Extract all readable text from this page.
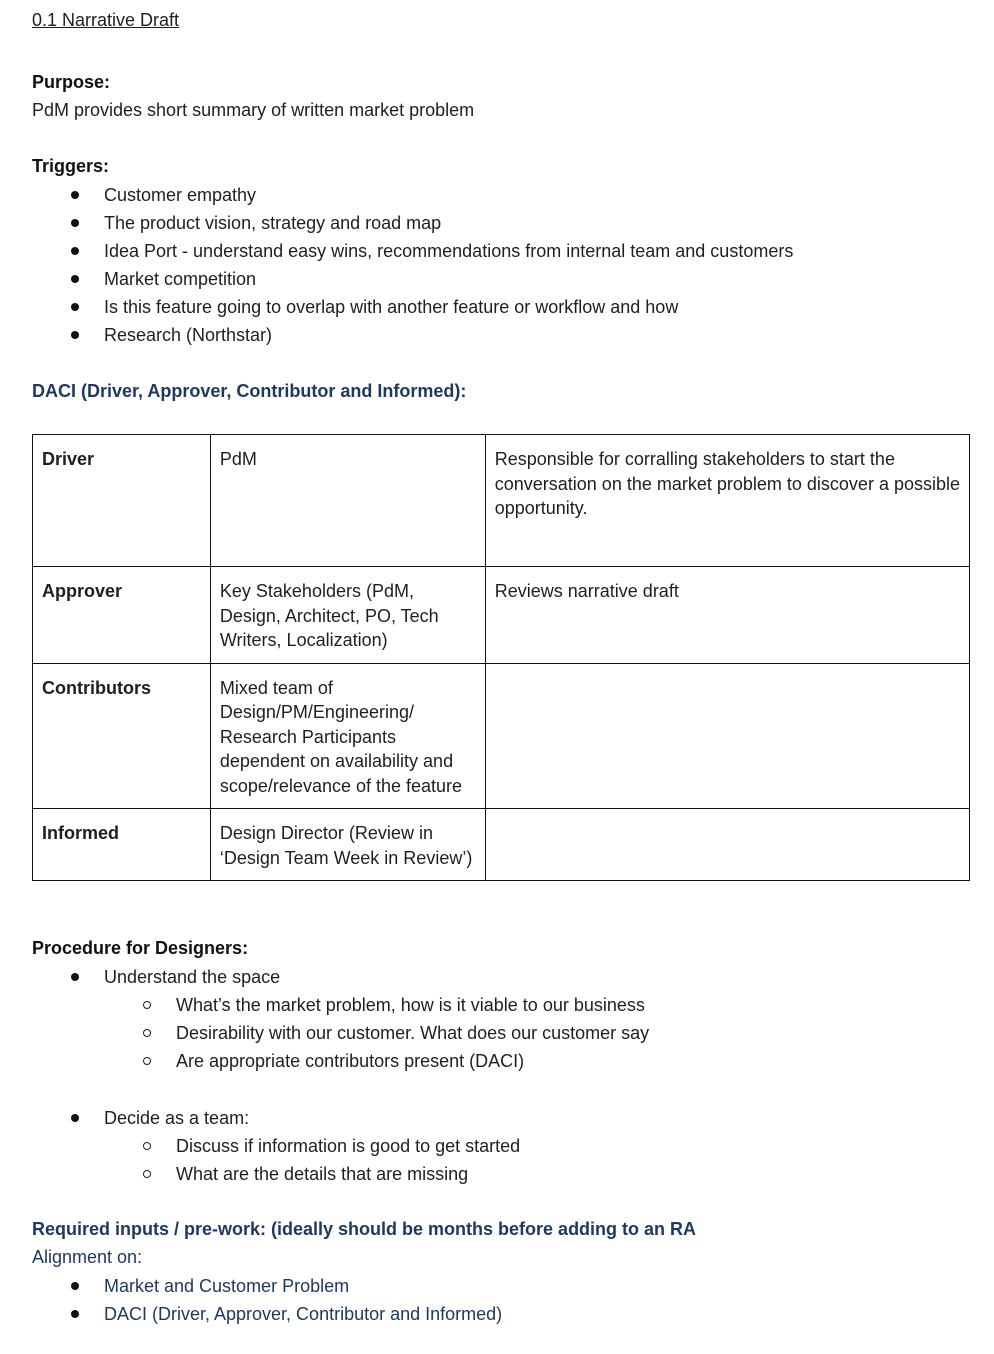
0.1 Narrative Draft
Purpose:
PdM provides short summary of written market problem
Triggers:
Customer empathy
The product vision, strategy and road map
Idea Port - understand easy wins, recommendations from internal team and customers
Market competition
Is this feature going to overlap with another feature or workflow and how
Research (Northstar)
DACI (Driver, Approver, Contributor and Informed):
Driver	PdM	Responsible for corralling stakeholders to start the conversation on the market problem to discover a possible opportunity.
Approver	Key Stakeholders (PdM, Design, Architect, PO, Tech Writers, Localization)	Reviews narrative draft
Contributors	Mixed team of Design/PM/Engineering/ Research Participants dependent on availability and scope/relevance of the feature	
Informed	Design Director (Review in ‘Design Team Week in Review’)	
Procedure for Designers:
Understand the space
What’s the market problem, how is it viable to our business
Desirability with our customer. What does our customer say
Are appropriate contributors present (DACI)
Decide as a team:
Discuss if information is good to get started
What are the details that are missing
Required inputs / pre-work: (ideally should be months before adding to an RA
Alignment on:
Market and Customer Problem
DACI (Driver, Approver, Contributor and Informed)
